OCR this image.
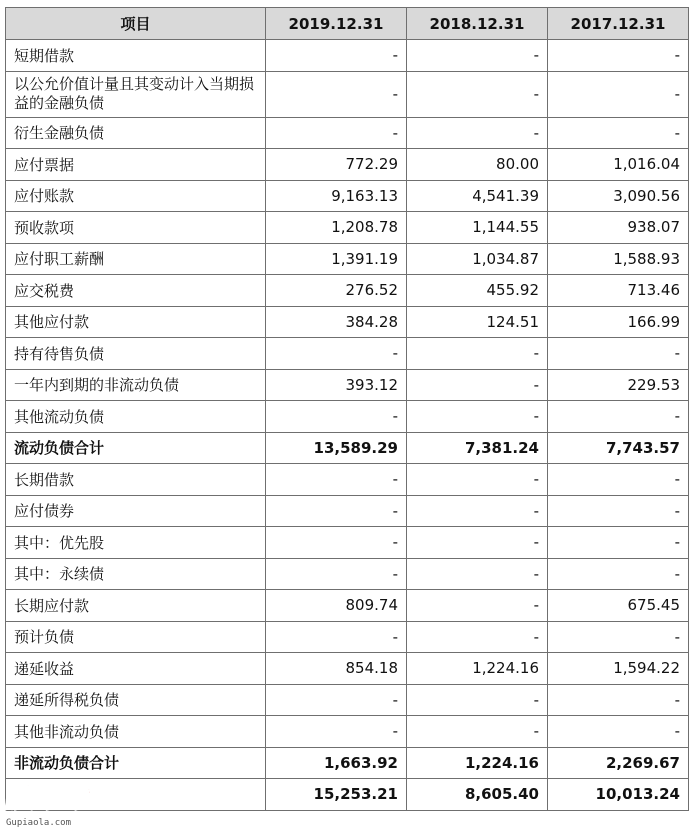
项目	2019.12.31	2018.12.31	2017.12.31
短期借款	-	-	-
以公允价值计量且其变动计入当期损益的金融负债	-	-	-
衍生金融负债	-	-	-
应付票据	772.29	80.00	1,016.04
应付账款	9,163.13	4,541.39	3,090.56
预收款项	1,208.78	1,144.55	938.07
应付职工薪酬	1,391.19	1,034.87	1,588.93
应交税费	276.52	455.92	713.46
其他应付款	384.28	124.51	166.99
持有待售负债	-	-	-
一年内到期的非流动负债	393.12	-	229.53
其他流动负债	-	-	-
流动负债合计	13,589.29	7,381.24	7,743.57
长期借款	-	-	-
应付债券	-	-	-
其中：优先股	-	-	-
其中：永续债	-	-	-
长期应付款	809.74	-	675.45
预计负债	-	-	-
递延收益	854.18	1,224.16	1,594.22
递延所得税负债	-	-	-
其他非流动负债	-	-	-
非流动负债合计	1,663.92	1,224.16	2,269.67
	15,253.21	8,605.40	10,013.24
股票啦
Gupiaola.com
